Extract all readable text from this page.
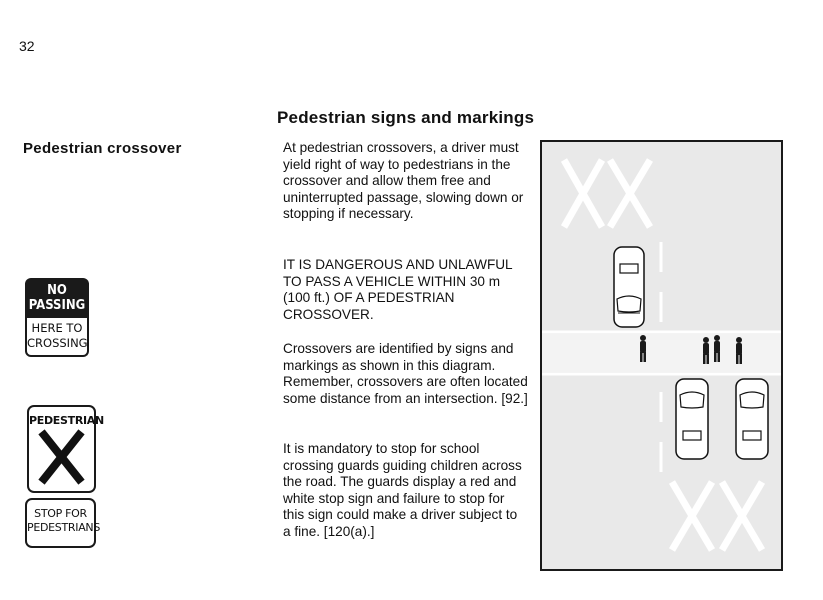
32
Pedestrian signs and markings
Pedestrian crossover	At pedestrian crossovers, a driver must yield right of way to pedestrians in the crossover and allow them free and uninterrupted passage, slowing down or stopping if necessary.

IT IS DANGEROUS AND UNLAWFUL TO PASS A VEHICLE WITHIN 30 m (100 ft.) OF A PEDESTRIAN CROSSOVER.

Crossovers are identified by signs and markings as shown in this diagram. Remember, crossovers are often located some distance from an intersection. [92.]

It is mandatory to stop for school crossing guards guiding children across the road. The guards display a red and white stop sign and failure to stop for this sign could make a driver subject to a fine. [120(a).]

NO
PASSING
HERE TO
CROSSING
PEDESTRIAN
STOP FOR
PEDESTRIANS
